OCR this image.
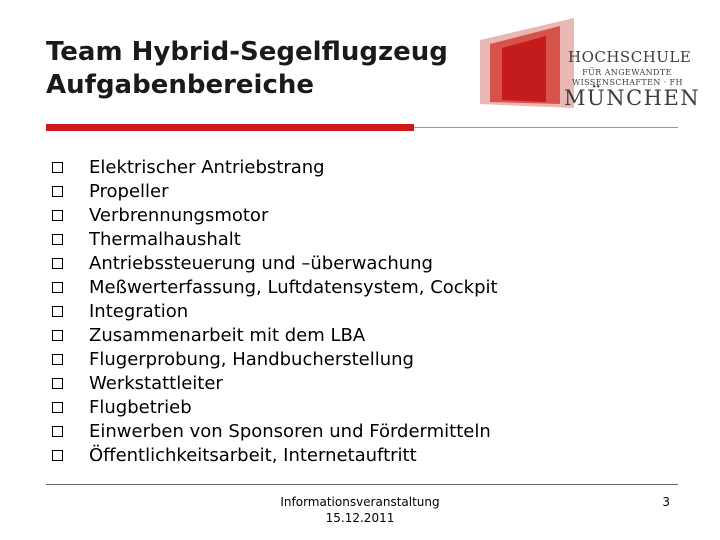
Team Hybrid-Segelflugzeug
Aufgabenbereiche
HOCHSCHULE
FÜR ANGEWANDTE
WISSENSCHAFTEN · FH
MÜNCHEN
Elektrischer Antriebstrang
Propeller
Verbrennungsmotor
Thermalhaushalt
Antriebssteuerung und –überwachung
Meßwerterfassung, Luftdatensystem, Cockpit
Integration
Zusammenarbeit mit dem LBA
Flugerprobung, Handbucherstellung
Werkstattleiter
Flugbetrieb
Einwerben von Sponsoren und Fördermitteln
Öffentlichkeitsarbeit, Internetauftritt
Informationsveranstaltung
15.12.2011
3
